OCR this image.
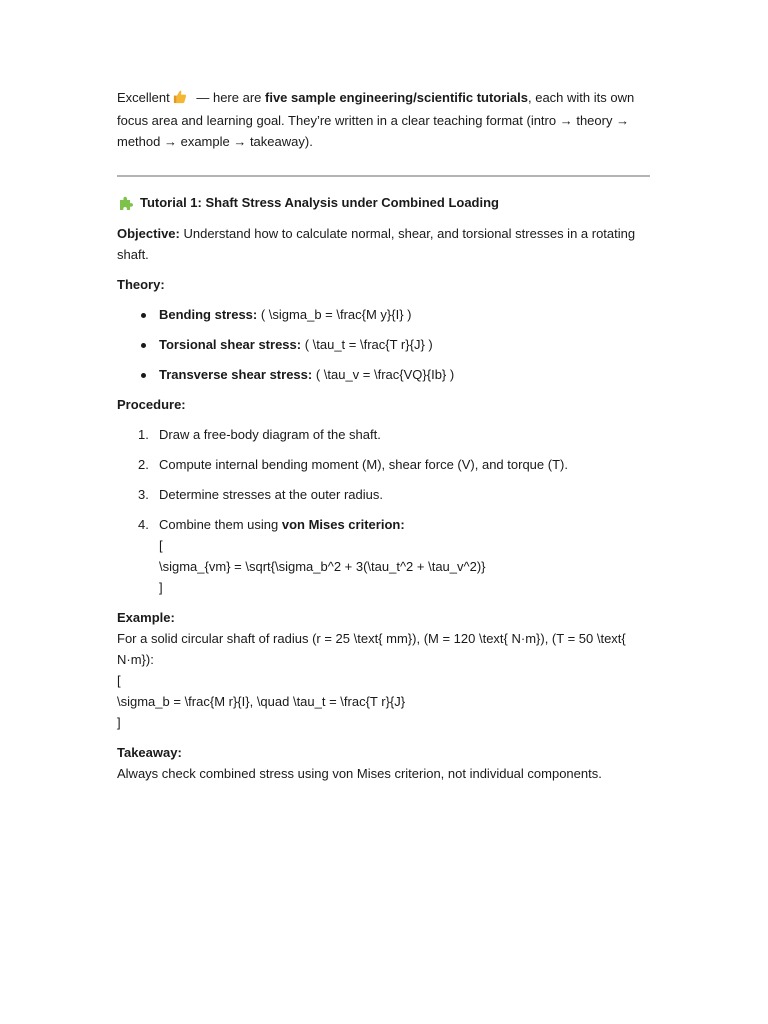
Excellent — here are five sample engineering/scientific tutorials, each with its own focus area and learning goal. They’re written in a clear teaching format (intro → theory → method → example → takeaway).

Tutorial 1: Shaft Stress Analysis under Combined Loading

Objective: Understand how to calculate normal, shear, and torsional stresses in a rotating shaft.

Theory:

Bending stress: ( \sigma_b = \frac{M y}{I} )
Torsional shear stress: ( \tau_t = \frac{T r}{J} )
Transverse shear stress: ( \tau_v = \frac{VQ}{Ib} )

Procedure:

1. Draw a free-body diagram of the shaft.
2. Compute internal bending moment (M), shear force (V), and torque (T).
3. Determine stresses at the outer radius.
4. Combine them using von Mises criterion:
[
\sigma_{vm} = \sqrt{\sigma_b^2 + 3(\tau_t^2 + \tau_v^2)}
]

Example:

For a solid circular shaft of radius (r = 25 \text{ mm}), (M = 120 \text{ N·m}), (T = 50 \text{ N·m}):

[

\sigma_b = \frac{M r}{I}, \quad \tau_t = \frac{T r}{J}

]

Takeaway:

Always check combined stress using von Mises criterion, not individual components.
